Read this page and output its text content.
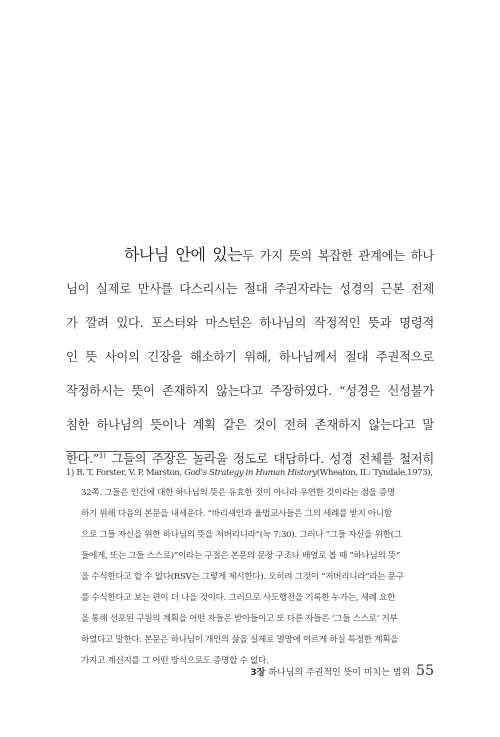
하나님 안에 있는두 가지 뜻의 복잡한 관계에는 하나
님이 실제로 만사를 다스리시는 절대 주권자라는 성경의 근본 전제
가 깔려 있다. 포스터와 마스턴은 하나님의 작정적인 뜻과 명령적
인 뜻 사이의 긴장을 해소하기 위해, 하나님께서 절대 주권적으로
작정하시는 뜻이 존재하지 않는다고 주장하였다. “성경은 신성불가
침한 하나님의 뜻이나 계획 같은 것이 전혀 존재하지 않는다고 말
한다.”$^{1)}$ 그들의 주장은 놀라울 정도로 대담하다. 성경 전체를 철저히
1) R. T. Forster, V. P. Marston, God’s Strategy in Human History(Wheaton, IL: Tyndale,1973),
32쪽. 그들은 인간에 대한 하나님의 뜻은 유효한 것이 아니라 우연한 것이라는 점을 증명
하기 위해 다음의 본문을 내세운다. “바리새인과 율법교사들은 그의 세례를 받지 아니함
으로 그들 자신을 위한 하나님의 뜻을 저버리니라”(눅 7:30). 그러나 “그들 자신을 위한(그
들에게, 또는 그들 스스로)”이라는 구절은 본문의 문장 구조나 배열로 볼 때 “하나님의 뜻”
을 수식한다고 할 수 없다(RSV는 그렇게 제시한다). 오히려 그것이 “저버리니라”라는 문구
를 수식한다고 보는 편이 더 나을 것이다. 그러므로 사도행전을 기록한 누가는, 세례 요한
을 통해 선포된 구원의 계획을 어떤 자들은 받아들이고 또 다른 자들은 ‘그들 스스로’ 거부
하였다고 말한다. 본문은 하나님이 개인의 삶을 실제로 멸망에 이르게 하실 특정한 계획을
가지고 계신지를 그 어떤 방식으로도 증명할 수 없다.
3장 하나님의 주권적인 뜻이 미치는 범위 55
